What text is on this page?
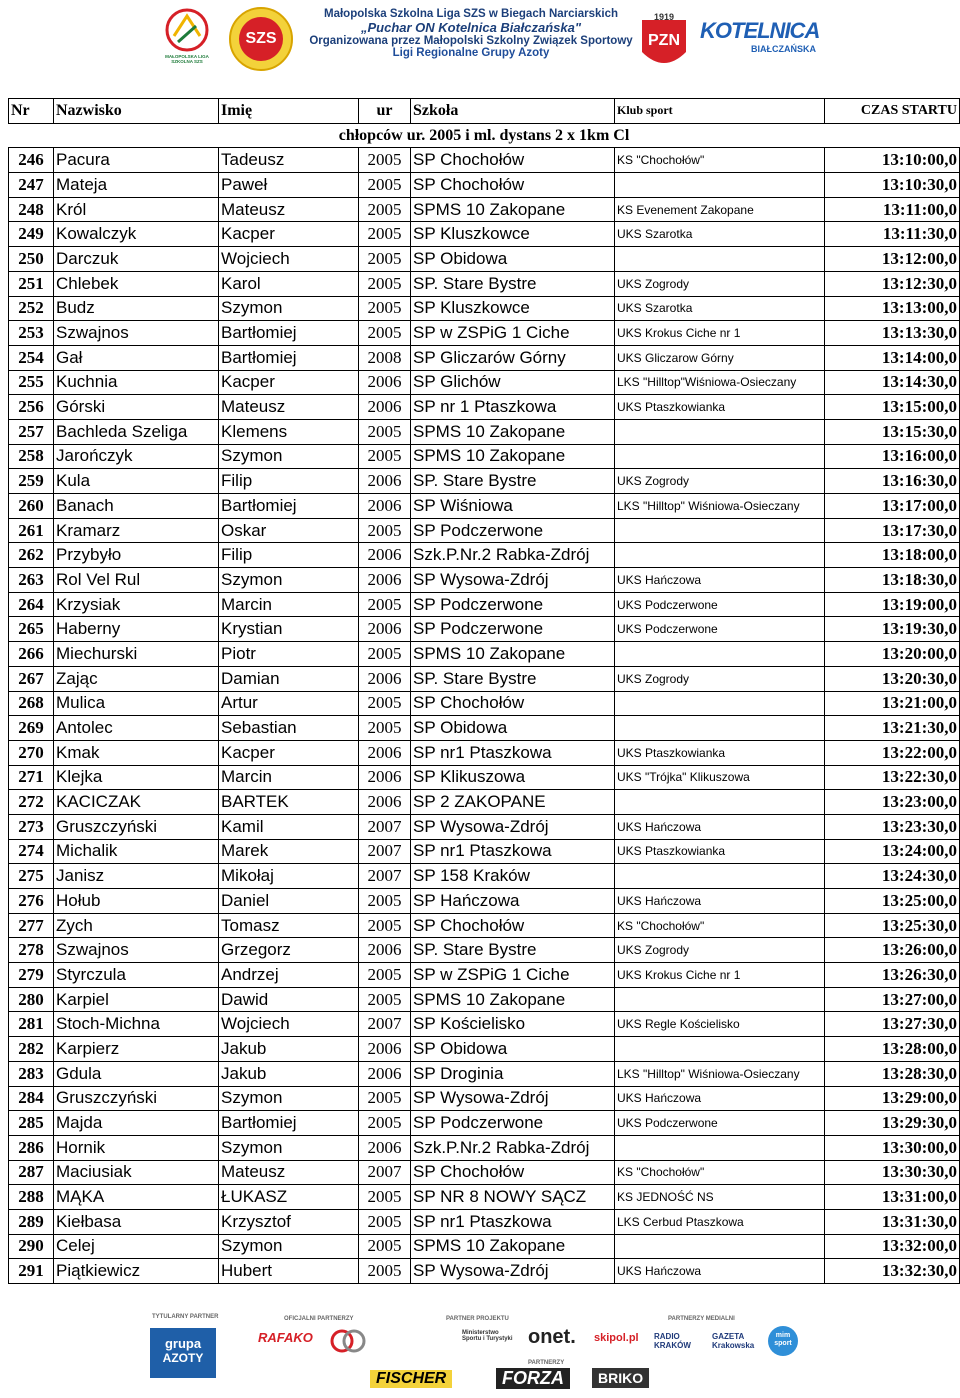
MAŁOPOLSKA LIGA SZKOLNA SZS
SZS
Małopolska Szkolna Liga SZS w Biegach Narciarskich
„Puchar ON Kotelnica Białczańska"
Organizowana przez Małopolski Szkolny Związek Sportowy
Ligi Regionalne Grupy Azoty
1919
PZN KOTELNICA
BIAŁCZAŃSKA
Nr	Nazwisko	Imię	ur	Szkoła	Klub sport	CZAS STARTU
chłopców ur. 2005 i ml. dystans 2 x 1km Cl						
246	Pacura	Tadeusz	2005	SP Chochołów	KS "Chochołów"	13:10:00,0
247	Mateja	Paweł	2005	SP Chochołów		13:10:30,0
248	Król	Mateusz	2005	SPMS 10 Zakopane	KS Evenement Zakopane	13:11:00,0
249	Kowalczyk	Kacper	2005	SP Kluszkowce	UKS Szarotka	13:11:30,0
250	Darczuk	Wojciech	2005	SP Obidowa		13:12:00,0
251	Chlebek	Karol	2005	SP. Stare Bystre	UKS Zogrody	13:12:30,0
252	Budz	Szymon	2005	SP Kluszkowce	UKS Szarotka	13:13:00,0
253	Szwajnos	Bartłomiej	2005	SP w ZSPiG 1 Ciche	UKS Krokus Ciche nr 1	13:13:30,0
254	Gał	Bartłomiej	2008	SP Gliczarów Górny	UKS Gliczarow Górny	13:14:00,0
255	Kuchnia	Kacper	2006	SP Glichów	LKS "Hilltop"Wiśniowa-Osieczany	13:14:30,0
256	Górski	Mateusz	2006	SP nr 1 Ptaszkowa	UKS Ptaszkowianka	13:15:00,0
257	Bachleda Szeliga	Klemens	2005	SPMS 10 Zakopane		13:15:30,0
258	Jarończyk	Szymon	2005	SPMS 10 Zakopane		13:16:00,0
259	Kula	Filip	2006	SP. Stare Bystre	UKS Zogrody	13:16:30,0
260	Banach	Bartłomiej	2006	SP Wiśniowa	LKS "Hilltop" Wiśniowa-Osieczany	13:17:00,0
261	Kramarz	Oskar	2005	SP Podczerwone		13:17:30,0
262	Przybyło	Filip	2006	Szk.P.Nr.2 Rabka-Zdrój		13:18:00,0
263	Rol Vel Rul	Szymon	2006	SP Wysowa-Zdrój	UKS Hańczowa	13:18:30,0
264	Krzysiak	Marcin	2005	SP Podczerwone	UKS Podczerwone	13:19:00,0
265	Haberny	Krystian	2006	SP Podczerwone	UKS Podczerwone	13:19:30,0
266	Miechurski	Piotr	2005	SPMS 10 Zakopane		13:20:00,0
267	Zając	Damian	2006	SP. Stare Bystre	UKS Zogrody	13:20:30,0
268	Mulica	Artur	2005	SP Chochołów		13:21:00,0
269	Antolec	Sebastian	2005	SP Obidowa		13:21:30,0
270	Kmak	Kacper	2006	SP nr1 Ptaszkowa	UKS Ptaszkowianka	13:22:00,0
271	Klejka	Marcin	2006	SP Klikuszowa	UKS "Trójka" Klikuszowa	13:22:30,0
272	KACICZAK	BARTEK	2006	SP 2 ZAKOPANE		13:23:00,0
273	Gruszczyński	Kamil	2007	SP Wysowa-Zdrój	UKS Hańczowa	13:23:30,0
274	Michalik	Marek	2007	SP nr1 Ptaszkowa	UKS Ptaszkowianka	13:24:00,0
275	Janisz	Mikołaj	2007	SP 158 Kraków		13:24:30,0
276	Hołub	Daniel	2005	SP Hańczowa	UKS Hańczowa	13:25:00,0
277	Zych	Tomasz	2005	SP Chochołów	KS "Chochołów"	13:25:30,0
278	Szwajnos	Grzegorz	2006	SP. Stare Bystre	UKS Zogrody	13:26:00,0
279	Styrczula	Andrzej	2005	SP w ZSPiG 1 Ciche	UKS Krokus Ciche nr 1	13:26:30,0
280	Karpiel	Dawid	2005	SPMS 10 Zakopane		13:27:00,0
281	Stoch-Michna	Wojciech	2007	SP Kościelisko	UKS Regle Kościelisko	13:27:30,0
282	Karpierz	Jakub	2006	SP Obidowa		13:28:00,0
283	Gdula	Jakub	2006	SP Droginia	LKS "Hilltop" Wiśniowa-Osieczany	13:28:30,0
284	Gruszczyński	Szymon	2005	SP Wysowa-Zdrój	UKS Hańczowa	13:29:00,0
285	Majda	Bartłomiej	2005	SP Podczerwone	UKS Podczerwone	13:29:30,0
286	Hornik	Szymon	2006	Szk.P.Nr.2 Rabka-Zdrój		13:30:00,0
287	Maciusiak	Mateusz	2007	SP Chochołów	KS "Chochołów"	13:30:30,0
288	MĄKA	ŁUKASZ	2005	SP NR 8 NOWY SĄCZ	KS JEDNOŚĆ NS	13:31:00,0
289	Kiełbasa	Krzysztof	2005	SP nr1 Ptaszkowa	LKS Cerbud Ptaszkowa	13:31:30,0
290	Celej	Szymon	2005	SPMS 10 Zakopane		13:32:00,0
291	Piątkiewicz	Hubert	2005	SP Wysowa-Zdrój	UKS Hańczowa	13:32:30,0
TYTULARNY PARTNER	OFICJALNI PARTNERZY	PARTNER PROJEKTU	PARTNERZY MEDIALNI
PARTNERZY
grupa
AZOTY
RAFAKO	Ministerstwo Sportu i Turystyki onet. skipol.pl RADIO KRAKÓW
GAZETA Krakowska
mim sport
FISCHER	FORZA	BRIKO
